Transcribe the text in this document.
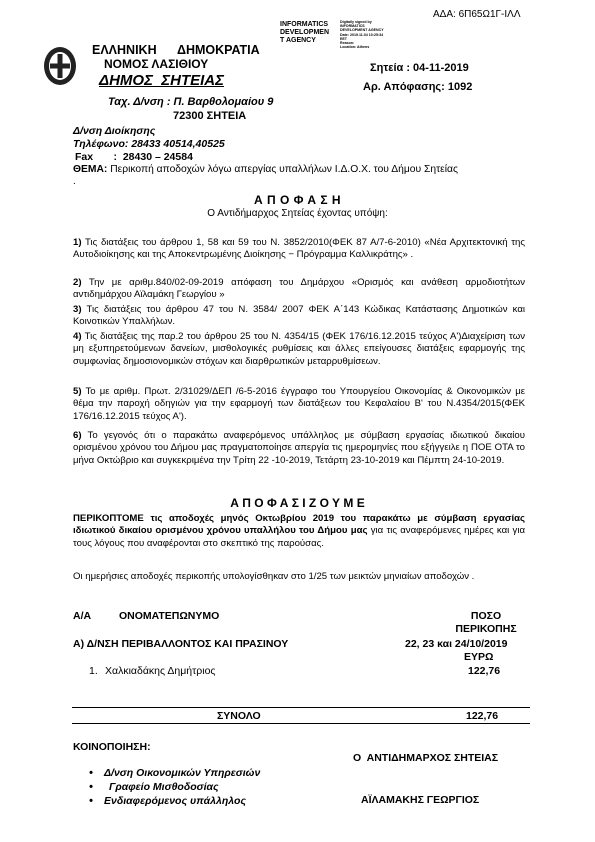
ΑΔΑ: 6Π65Ω1Γ-ΙΛΛ
INFORMATICS
DEVELOPMEN
T AGENCY
Digitally signed by
INFORMATICS
DEVELOPMENT AGENCY
Date: 2019.11.04 10:25:34
EET
Reason:
Location: Athens
ΕΛΛΗΝΙΚΗ      ΔΗΜΟΚΡΑΤΙΑ
ΝΟΜΟΣ ΛΑΣΙΘΙΟΥ
ΔΗΜΟΣ  ΣΗΤΕΙΑΣ
Σητεία : 04-11-2019
Αρ. Απόφασης: 1092
Ταχ. Δ/νση : Π. Βαρθολομαίου 9
72300 ΣΗΤΕΙΑ
Δ/νση Διοίκησης
Τηλέφωνο: 28433 40514,40525
Fax       :  28430 – 24584
ΘΕΜΑ: Περικοπή αποδοχών λόγω απεργίας υπαλλήλων Ι.Δ.Ο.Χ. του Δήμου Σητείας
.
Α Π Ο Φ Α Σ Η
Ο Αντιδήμαρχος Σητείας έχοντας υπόψη:
1) Τις διατάξεις του άρθρου 1, 58 και 59 του Ν. 3852/2010(ΦΕΚ 87 Α/7-6-2010) «Νέα Αρχιτεκτονική της Αυτοδιοίκησης και της Αποκεντρωμένης Διοίκησης − Πρόγραμμα Καλλικράτης» .
2) Την με αριθμ.840/02-09-2019 απόφαση του Δημάρχου «Ορισμός και ανάθεση αρμοδιοτήτων αντιδημάρχου Αϊλαμάκη Γεωργίου »
3) Τις διατάξεις του άρθρου 47 του Ν. 3584/ 2007 ΦΕΚ Α΄143 Κώδικας Κατάστασης Δημοτικών και Κοινοτικών Υπαλλήλων.
4) Τις διατάξεις της παρ.2 του άρθρου 25 του Ν. 4354/15 (ΦΕΚ 176/16.12.2015 τεύχος Α')Διαχείριση των μη εξυπηρετούμενων δανείων, μισθολογικές ρυθμίσεις και άλλες επείγουσες διατάξεις εφαρμογής της συμφωνίας δημοσιονομικών στόχων και διαρθρωτικών μεταρρυθμίσεων.
5) Το με αριθμ. Πρωτ. 2/31029/ΔΕΠ /6-5-2016 έγγραφο του Υπουργείου Οικονομίας & Οικονομικών με θέμα την παροχή οδηγιών για την εφαρμογή των διατάξεων του Κεφαλαίου Β' του Ν.4354/2015(ΦΕΚ 176/16.12.2015 τεύχος Α').
6) Το γεγονός ότι ο παρακάτω αναφερόμενος υπάλληλος με σύμβαση εργασίας ιδιωτικού δικαίου ορισμένου χρόνου του Δήμου μας πραγματοποίησε απεργία τις ημερομηνίες που εξήγγειλε η ΠΟΕ ΟΤΑ το μήνα Οκτώβριο και συγκεκριμένα την Τρίτη 22 -10-2019, Τετάρτη 23-10-2019 και Πέμπτη 24-10-2019.
Α Π Ο Φ Α Σ Ι Ζ Ο Υ Μ Ε
ΠΕΡΙΚΟΠΤΟΜΕ τις αποδοχές μηνός Οκτωβρίου 2019 του παρακάτω με σύμβαση εργασίας ιδιωτικού δικαίου ορισμένου χρόνου υπαλλήλου του Δήμου μας για τις αναφερόμενες ημέρες και για τους λόγους που αναφέρονται στο σκεπτικό της παρούσας.
Οι ημερήσιες αποδοχές περικοπής υπολογίσθηκαν στο 1/25 των μεικτών μηνιαίων αποδοχών .
Α/Α	ΟΝΟΜΑΤΕΠΩΝΥΜΟ	ΠΟΣΟ
ΠΕΡΙΚΟΠΗΣ
Α) Δ/ΝΣΗ ΠΕΡΙΒΑΛΛΟΝΤΟΣ ΚΑΙ ΠΡΑΣΙΝΟΥ	22, 23 και 24/10/2019
ΕΥΡΩ
1. Χαλκιαδάκης Δημήτριος	122,76
ΣΥΝΟΛΟ	122,76
ΚΟΙΝΟΠΟΙΗΣΗ:
Ο  ΑΝΤΙΔΗΜΑΡΧΟΣ ΣΗΤΕΙΑΣ
• Δ/νση Οικονομικών Υπηρεσιών
• Γραφείο Μισθοδοσίας
• Ενδιαφερόμενος υπάλληλος	ΑΪΛΑΜΑΚΗΣ ΓΕΩΡΓΙΟΣ
